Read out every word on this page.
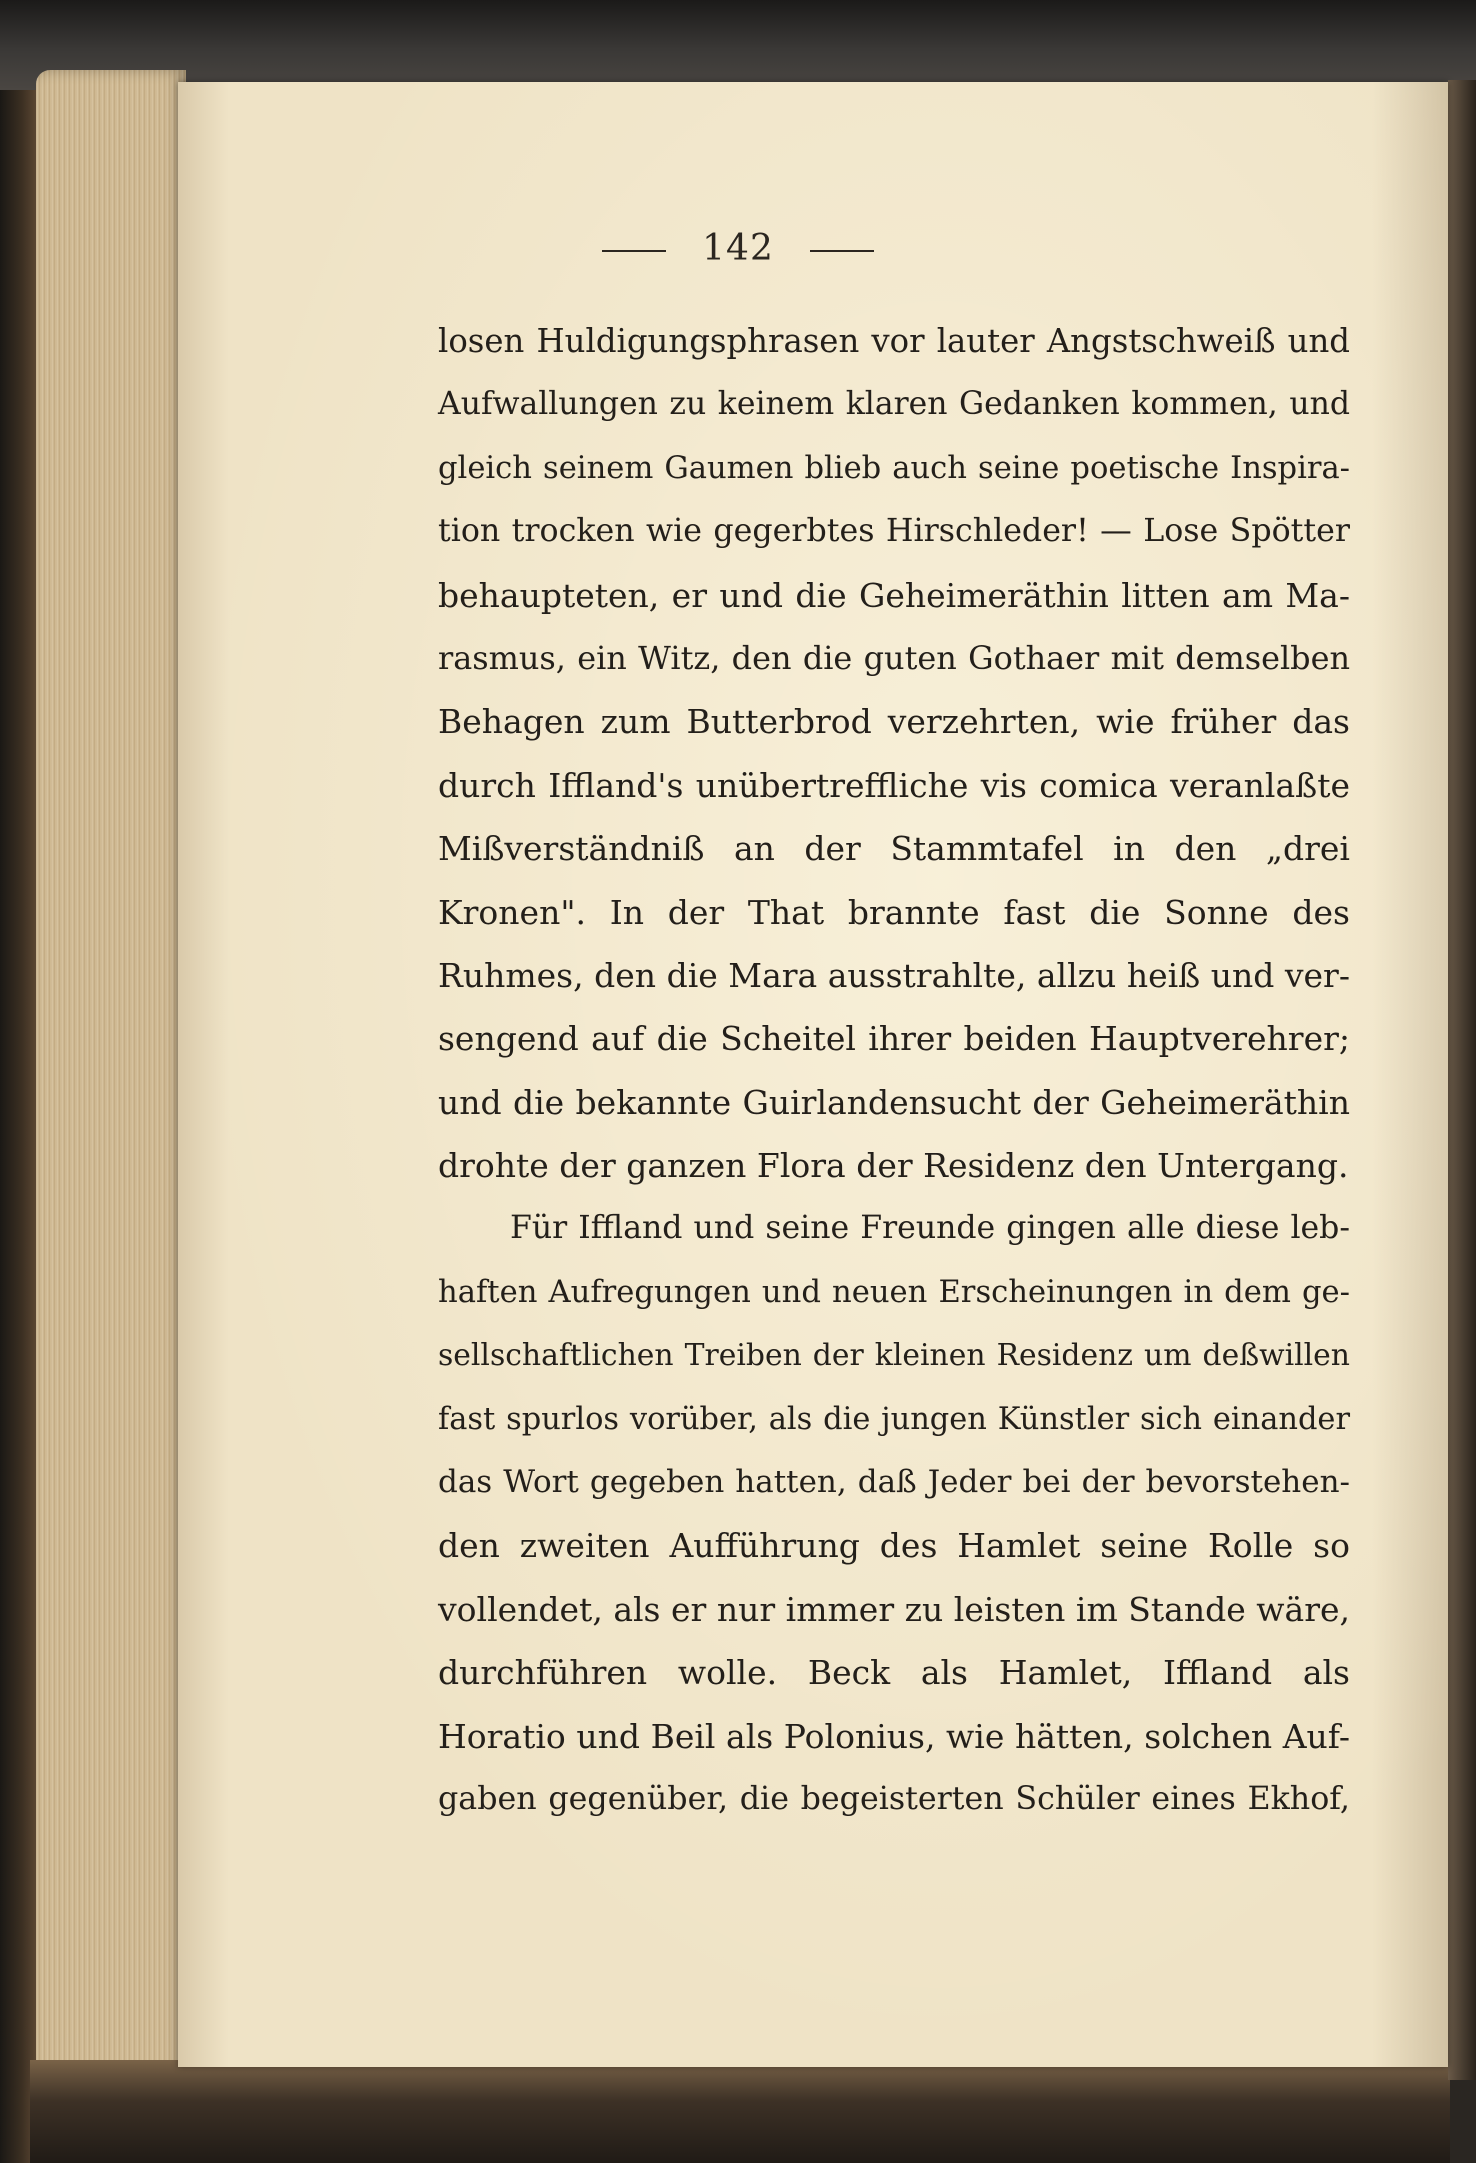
142
losen Huldigungsphrasen vor lauter Angstschweiß und
Aufwallungen zu keinem klaren Gedanken kommen, und
gleich seinem Gaumen blieb auch seine poetische Inspira-
tion trocken wie gegerbtes Hirschleder! — Lose Spötter
behaupteten, er und die Geheimeräthin litten am Ma-
rasmus, ein Witz, den die guten Gothaer mit demselben
Behagen zum Butterbrod verzehrten, wie früher das
durch Iffland's unübertreffliche vis comica veranlaßte
Mißverständniß an der Stammtafel in den „drei
Kronen". In der That brannte fast die Sonne des
Ruhmes, den die Mara ausstrahlte, allzu heiß und ver-
sengend auf die Scheitel ihrer beiden Hauptverehrer;
und die bekannte Guirlandensucht der Geheimeräthin
drohte der ganzen Flora der Residenz den Untergang.
Für Iffland und seine Freunde gingen alle diese leb-
haften Aufregungen und neuen Erscheinungen in dem ge-
sellschaftlichen Treiben der kleinen Residenz um deßwillen
fast spurlos vorüber, als die jungen Künstler sich einander
das Wort gegeben hatten, daß Jeder bei der bevorstehen-
den zweiten Aufführung des Hamlet seine Rolle so
vollendet, als er nur immer zu leisten im Stande wäre,
durchführen wolle. Beck als Hamlet, Iffland als
Horatio und Beil als Polonius, wie hätten, solchen Auf-
gaben gegenüber, die begeisterten Schüler eines Ekhof,
